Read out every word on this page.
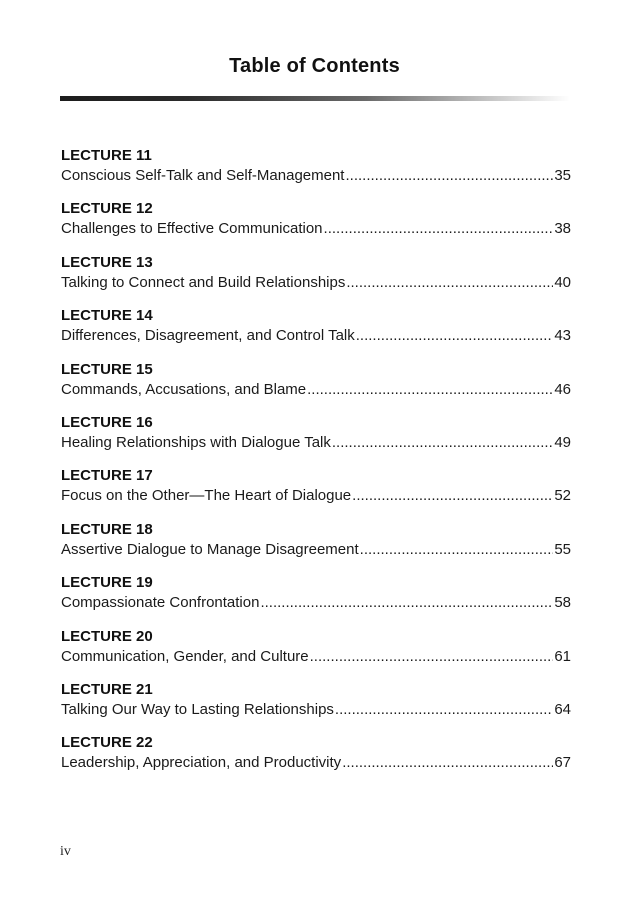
Table of Contents
LECTURE 11
Conscious Self-Talk and Self-Management .....	35
LECTURE 12
Challenges to Effective Communication .....	38
LECTURE 13
Talking to Connect and Build Relationships .....	40
LECTURE 14
Differences, Disagreement, and Control Talk .....	43
LECTURE 15
Commands, Accusations, and Blame .....	46
LECTURE 16
Healing Relationships with Dialogue Talk .....	49
LECTURE 17
Focus on the Other—The Heart of Dialogue .....	52
LECTURE 18
Assertive Dialogue to Manage Disagreement .....	55
LECTURE 19
Compassionate Confrontation .....	58
LECTURE 20
Communication, Gender, and Culture .....	61
LECTURE 21
Talking Our Way to Lasting Relationships .....	64
LECTURE 22
Leadership, Appreciation, and Productivity .....	67
iv
